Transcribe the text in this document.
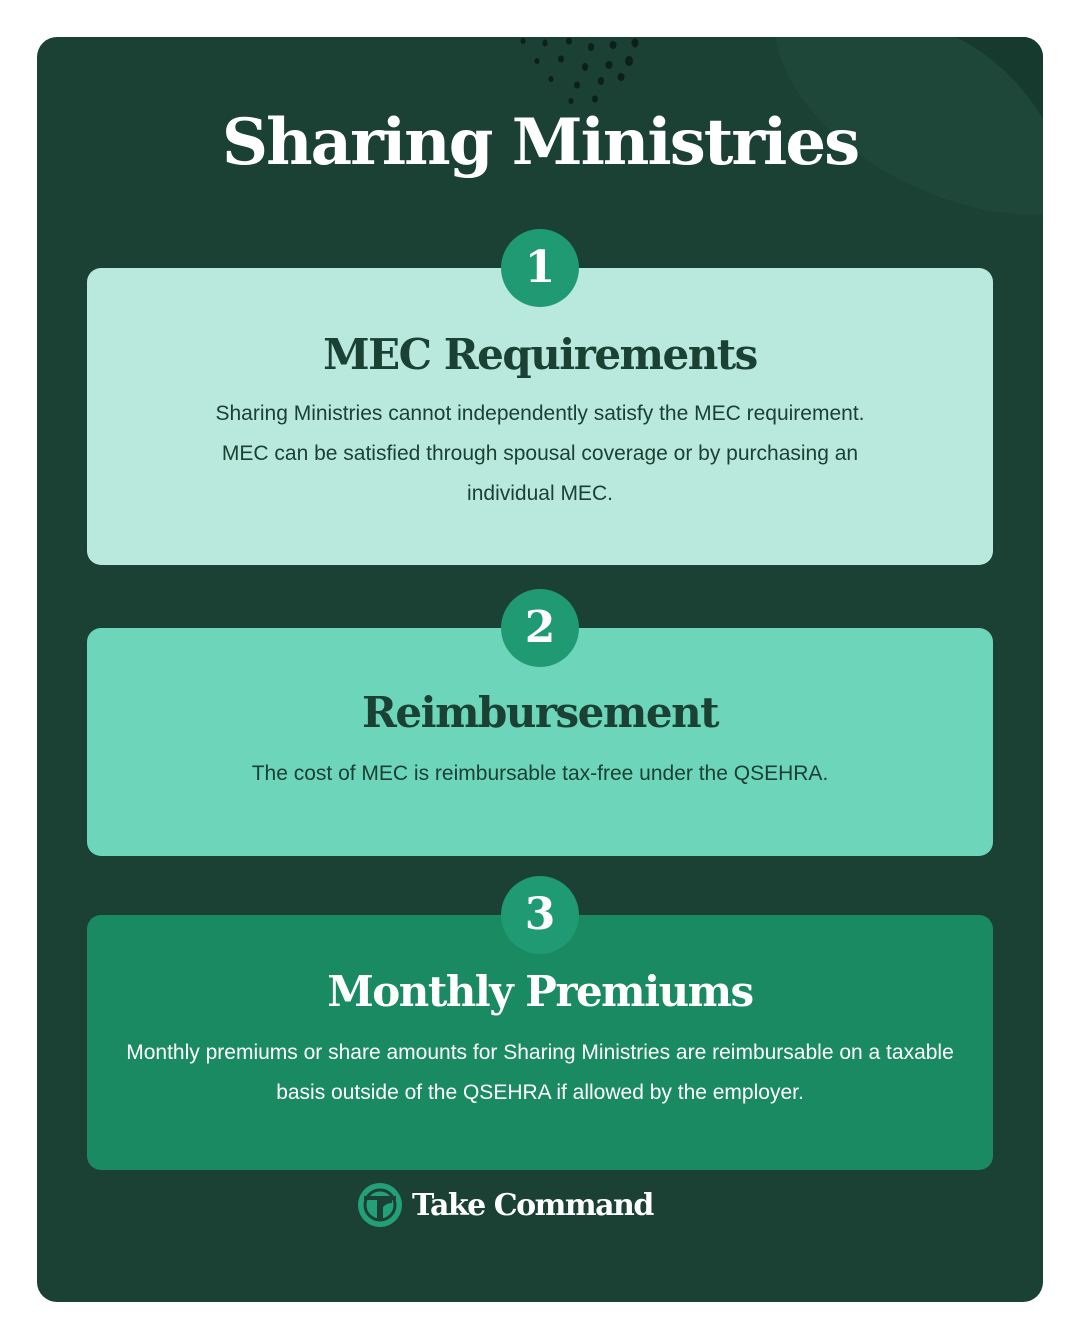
Sharing Ministries
1
MEC Requirements

Sharing Ministries cannot independently satisfy the MEC requirement. MEC can be satisfied through spousal coverage or by purchasing an individual MEC.

2
Reimbursement

The cost of MEC is reimbursable tax-free under the QSEHRA.

3
Monthly Premiums

Monthly premiums or share amounts for Sharing Ministries are reimbursable on a taxable basis outside of the QSEHRA if allowed by the employer.

Take Command
